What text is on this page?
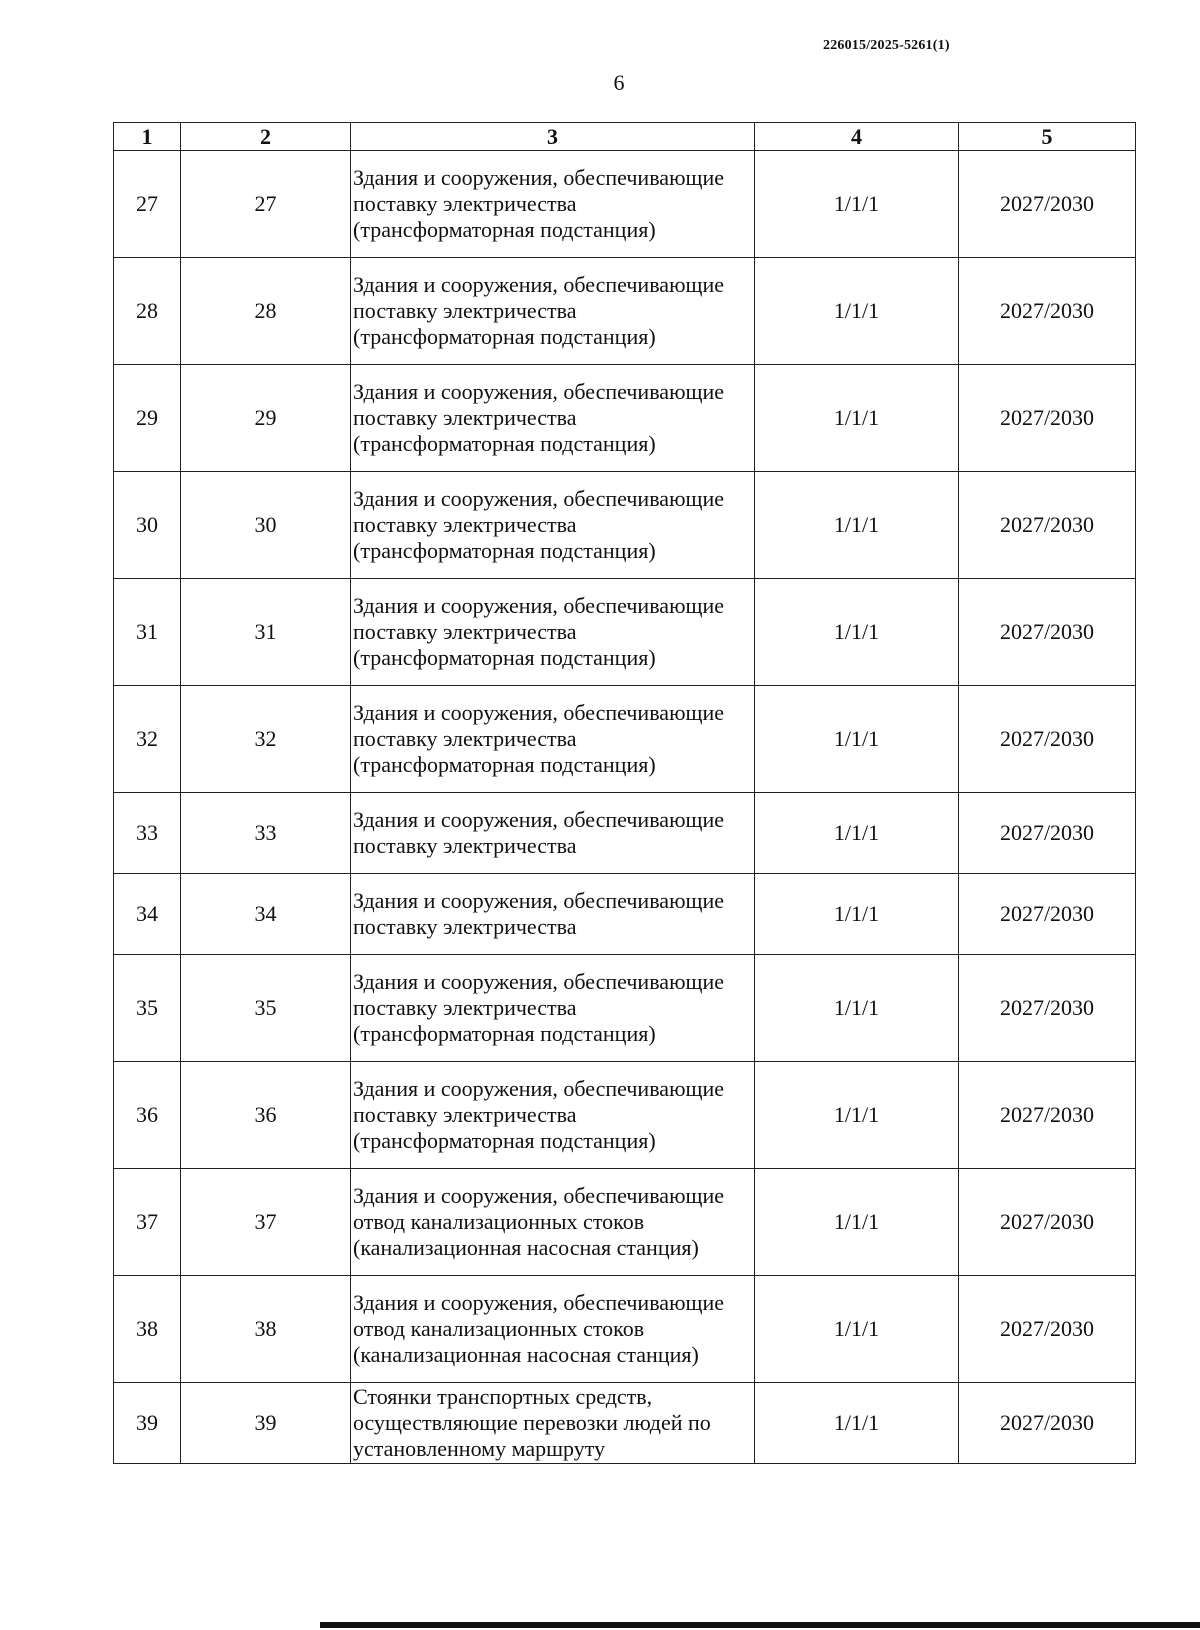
226015/2025-5261(1)
6
1	2	3	4	5
27	27	Здания и сооружения, обеспечивающие поставку электричества (трансформаторная подстанция)	1/1/1	2027/2030
28	28	Здания и сооружения, обеспечивающие поставку электричества (трансформаторная подстанция)	1/1/1	2027/2030
29	29	Здания и сооружения, обеспечивающие поставку электричества (трансформаторная подстанция)	1/1/1	2027/2030
30	30	Здания и сооружения, обеспечивающие поставку электричества (трансформаторная подстанция)	1/1/1	2027/2030
31	31	Здания и сооружения, обеспечивающие поставку электричества (трансформаторная подстанция)	1/1/1	2027/2030
32	32	Здания и сооружения, обеспечивающие поставку электричества (трансформаторная подстанция)	1/1/1	2027/2030
33	33	Здания и сооружения, обеспечивающие поставку электричества	1/1/1	2027/2030
34	34	Здания и сооружения, обеспечивающие поставку электричества	1/1/1	2027/2030
35	35	Здания и сооружения, обеспечивающие поставку электричества (трансформаторная подстанция)	1/1/1	2027/2030
36	36	Здания и сооружения, обеспечивающие поставку электричества (трансформаторная подстанция)	1/1/1	2027/2030
37	37	Здания и сооружения, обеспечивающие отвод канализационных стоков (канализационная насосная станция)	1/1/1	2027/2030
38	38	Здания и сооружения, обеспечивающие отвод канализационных стоков (канализационная насосная станция)	1/1/1	2027/2030
39	39	Стоянки транспортных средств, осуществляющие перевозки людей по установленному маршруту	1/1/1	2027/2030
